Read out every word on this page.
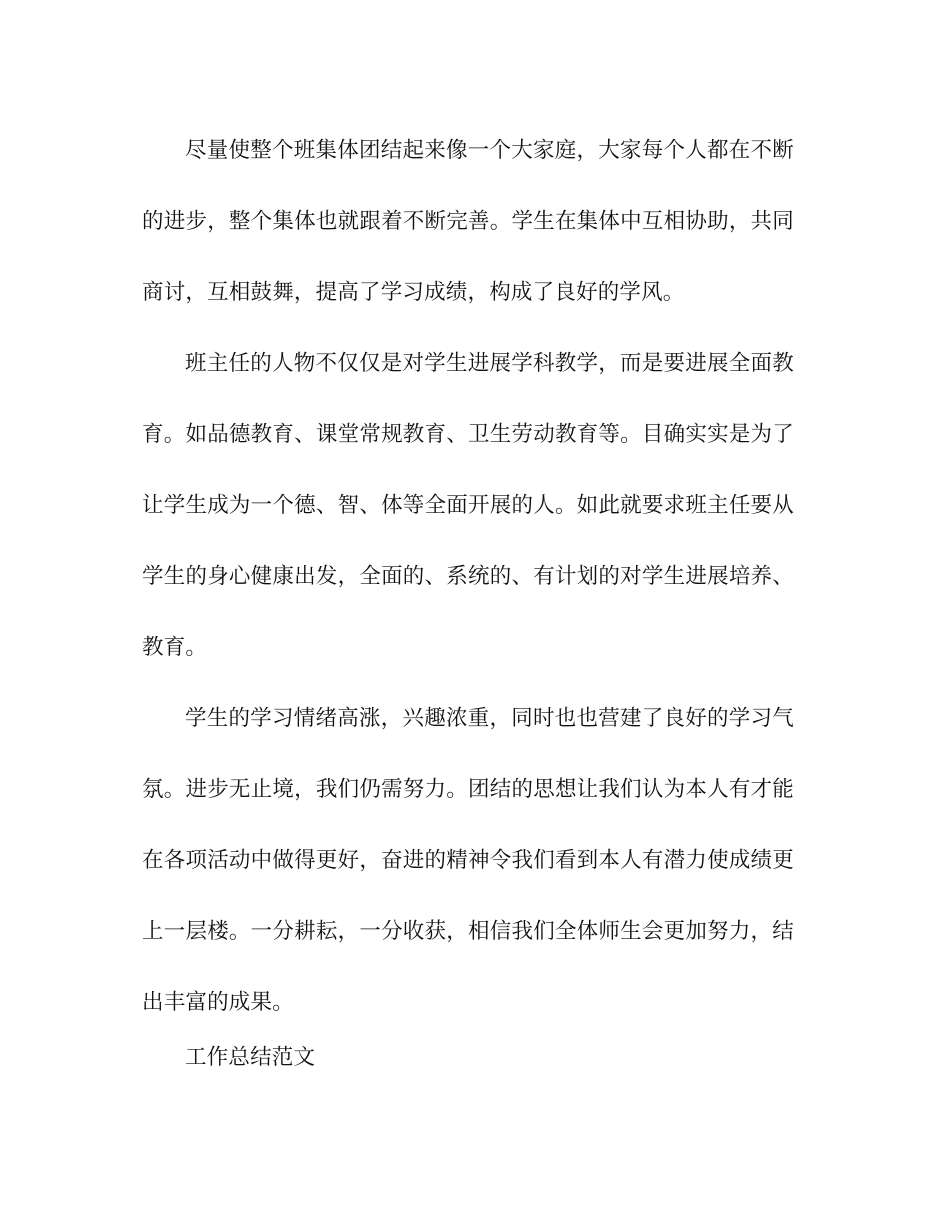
尽量使整个班集体团结起来像一个大家庭，大家每个人都在不断的进步，整个集体也就跟着不断完善。学生在集体中互相协助，共同商讨，互相鼓舞，提高了学习成绩，构成了良好的学风。

班主任的人物不仅仅是对学生进展学科教学，而是要进展全面教育。如品德教育、课堂常规教育、卫生劳动教育等。目确实实是为了让学生成为一个德、智、体等全面开展的人。如此就要求班主任要从学生的身心健康出发，全面的、系统的、有计划的对学生进展培养、教育。

学生的学习情绪高涨，兴趣浓重，同时也也营建了良好的学习气氛。进步无止境，我们仍需努力。团结的思想让我们认为本人有才能在各项活动中做得更好，奋进的精神令我们看到本人有潜力使成绩更上一层楼。一分耕耘，一分收获，相信我们全体师生会更加努力，结出丰富的成果。

工作总结范文
